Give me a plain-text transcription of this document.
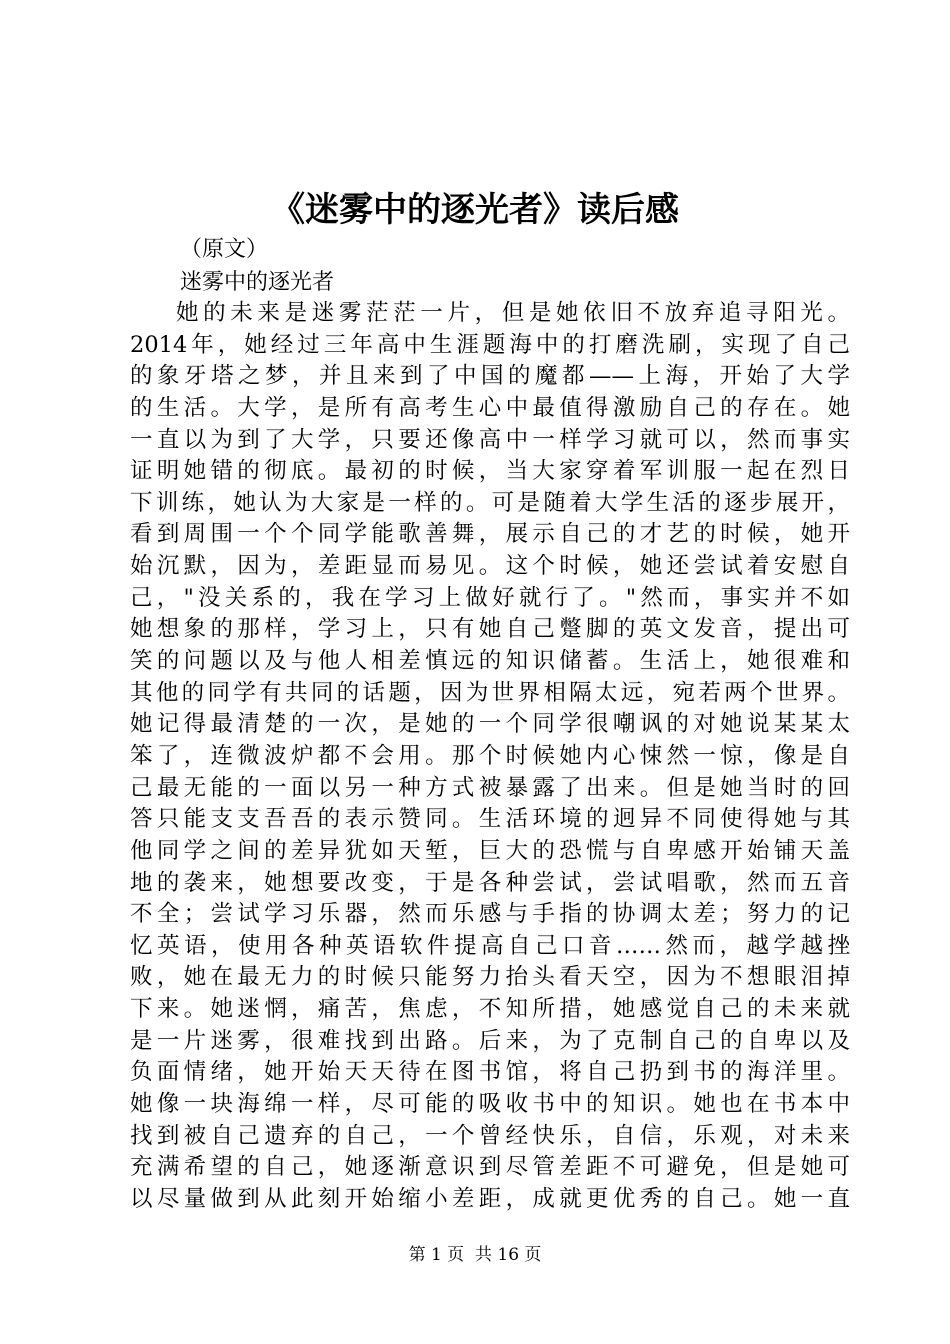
《迷雾中的逐光者》读后感
（原文）
迷雾中的逐光者
她的未来是迷雾茫茫一片，但是她依旧不放弃追寻阳光。
2014年，她经过三年高中生涯题海中的打磨洗刷，实现了自己
的象牙塔之梦，并且来到了中国的魔都——上海，开始了大学
的生活。大学，是所有高考生心中最值得激励自己的存在。她
一直以为到了大学，只要还像高中一样学习就可以，然而事实
证明她错的彻底。最初的时候，当大家穿着军训服一起在烈日
下训练，她认为大家是一样的。可是随着大学生活的逐步展开，
看到周围一个个同学能歌善舞，展示自己的才艺的时候，她开
始沉默，因为，差距显而易见。这个时候，她还尝试着安慰自
己，"没关系的，我在学习上做好就行了。"然而，事实并不如
她想象的那样，学习上，只有她自己蹩脚的英文发音，提出可
笑的问题以及与他人相差慎远的知识储蓄。生活上，她很难和
其他的同学有共同的话题，因为世界相隔太远，宛若两个世界。
她记得最清楚的一次，是她的一个同学很嘲讽的对她说某某太
笨了，连微波炉都不会用。那个时候她内心悚然一惊，像是自
己最无能的一面以另一种方式被暴露了出来。但是她当时的回
答只能支支吾吾的表示赞同。生活环境的迥异不同使得她与其
他同学之间的差异犹如天堑，巨大的恐慌与自卑感开始铺天盖
地的袭来，她想要改变，于是各种尝试，尝试唱歌，然而五音
不全；尝试学习乐器，然而乐感与手指的协调太差；努力的记
忆英语，使用各种英语软件提高自己口音……然而，越学越挫
败，她在最无力的时候只能努力抬头看天空，因为不想眼泪掉
下来。她迷惘，痛苦，焦虑，不知所措，她感觉自己的未来就
是一片迷雾，很难找到出路。后来，为了克制自己的自卑以及
负面情绪，她开始天天待在图书馆，将自己扔到书的海洋里。
她像一块海绵一样，尽可能的吸收书中的知识。她也在书本中
找到被自己遗弃的自己，一个曾经快乐，自信，乐观，对未来
充满希望的自己，她逐渐意识到尽管差距不可避免，但是她可
以尽量做到从此刻开始缩小差距，成就更优秀的自己。她一直
第 1 页  共 16 页
